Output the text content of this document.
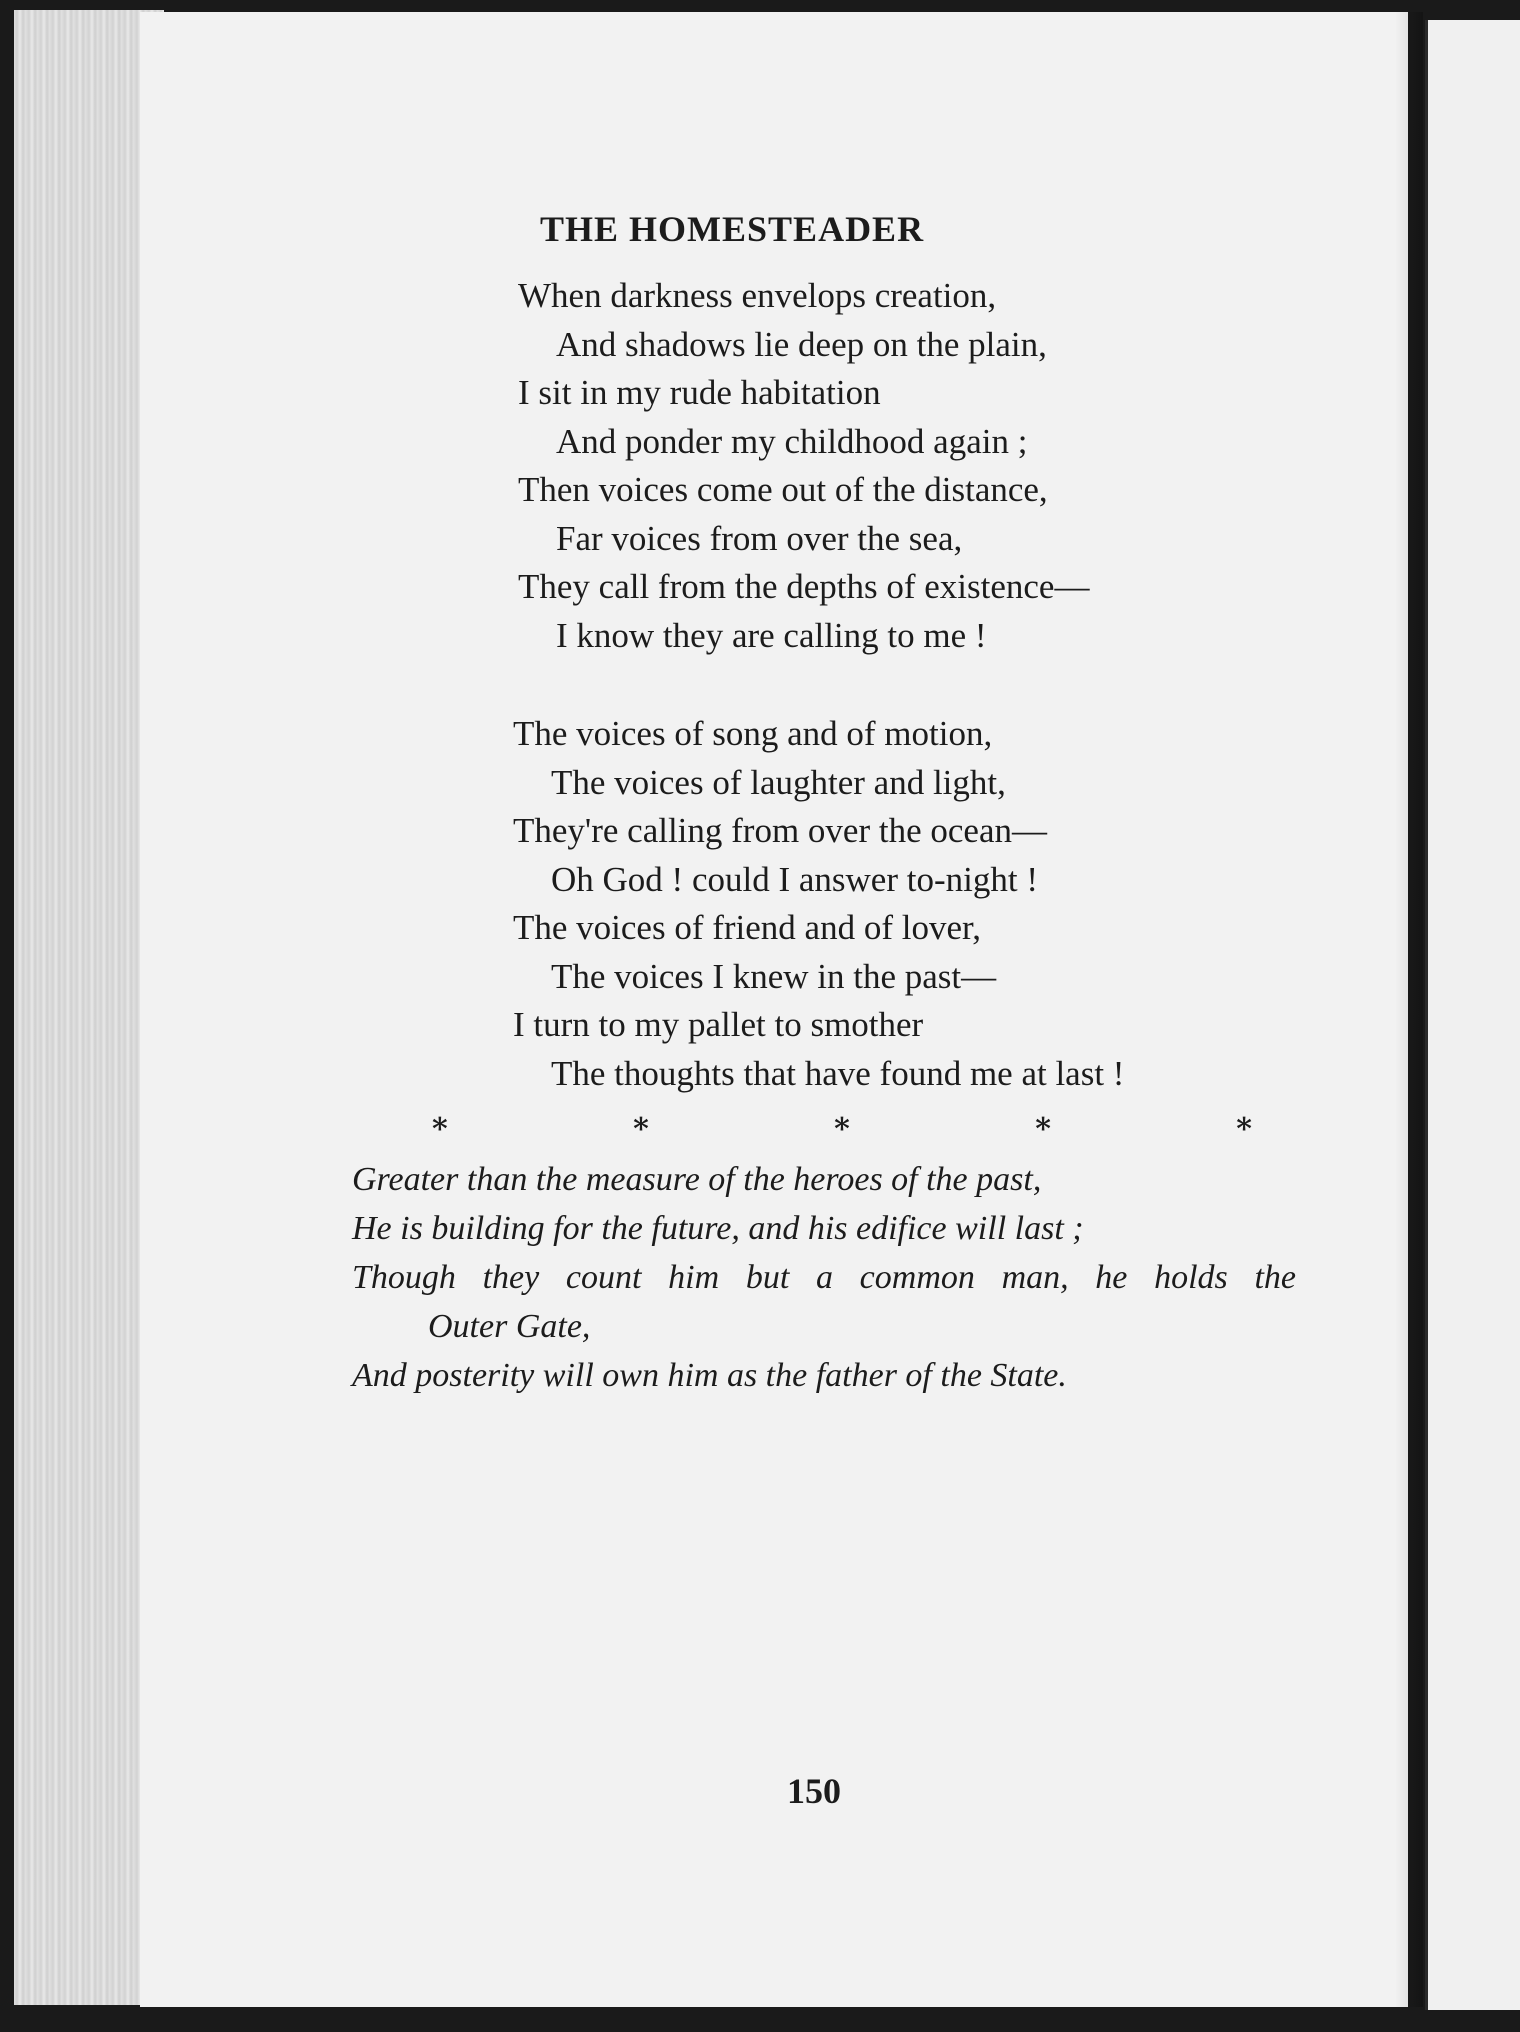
THE HOMESTEADER
When darkness envelops creation,
And shadows lie deep on the plain,
I sit in my rude habitation
And ponder my childhood again ;
Then voices come out of the distance,
Far voices from over the sea,
They call from the depths of existence—
I know they are calling to me !
The voices of song and of motion,
The voices of laughter and light,
They're calling from over the ocean—
Oh God ! could I answer to-night !
The voices of friend and of lover,
The voices I knew in the past—
I turn to my pallet to smother
The thoughts that have found me at last !
*	*	*	*	*
Greater than the measure of the heroes of the past,
He is building for the future, and his edifice will last ;
Though they count him but a common man, he holds the
Outer Gate,
And posterity will own him as the father of the State.
150
